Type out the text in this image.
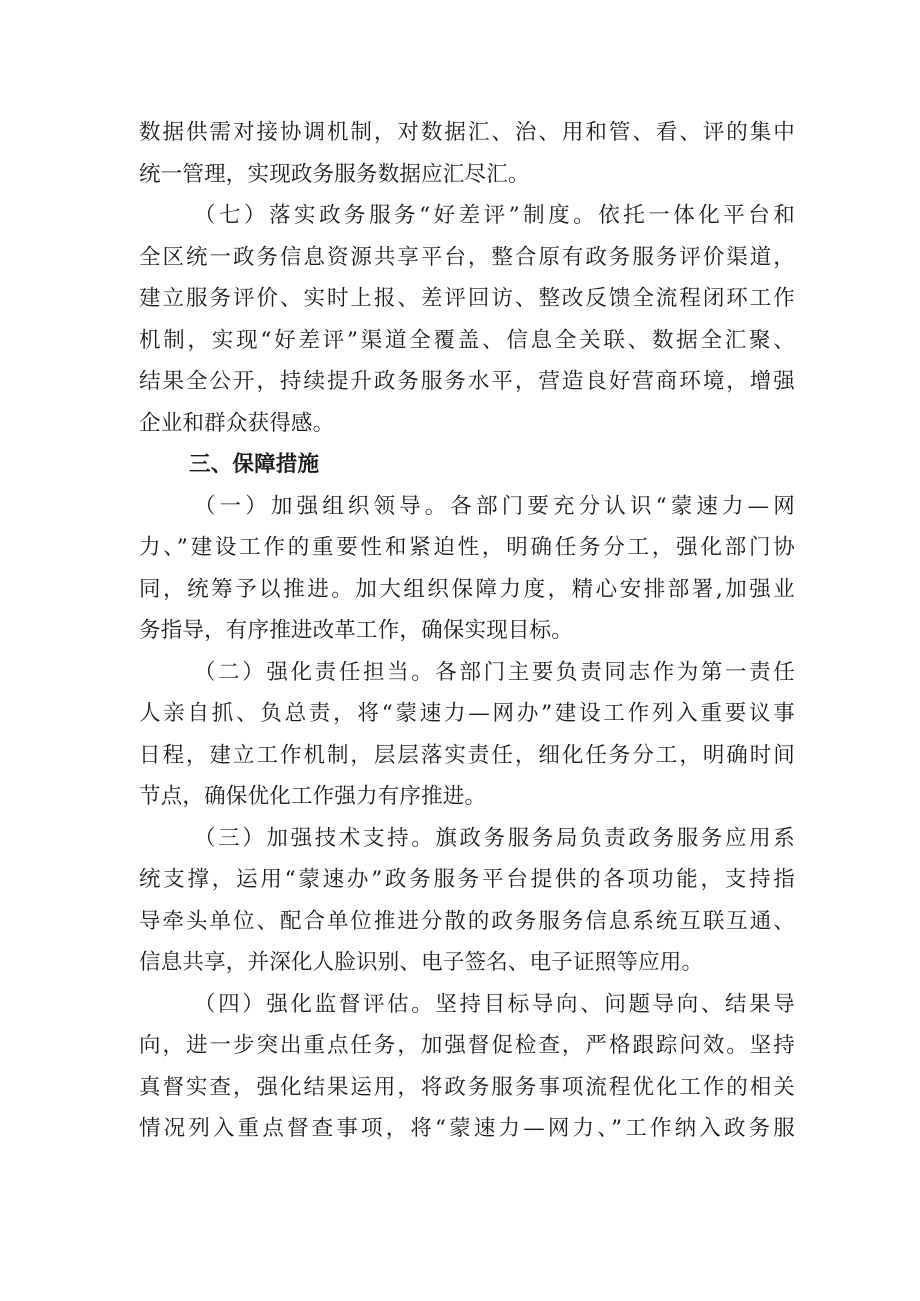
数据供需对接协调机制，对数据汇、治、用和管、看、评的集中
统一管理，实现政务服务数据应汇尽汇。
（七）落实政务服务“好差评”制度。依托一体化平台和
全区统一政务信息资源共享平台，整合原有政务服务评价渠道，
建立服务评价、实时上报、差评回访、整改反馈全流程闭环工作
机制，实现“好差评”渠道全覆盖、信息全关联、数据全汇聚、
结果全公开，持续提升政务服务水平，营造良好营商环境，增强
企业和群众获得感。
三、保障措施
（一）加强组织领导。各部门要充分认识“蒙速力—网
力、”建设工作的重要性和紧迫性，明确任务分工，强化部门协
同，统筹予以推进。加大组织保障力度，精心安排部署,加强业
务指导，有序推进改革工作，确保实现目标。
（二）强化责任担当。各部门主要负责同志作为第一责任
人亲自抓、负总责，将“蒙速力—网办”建设工作列入重要议事
日程，建立工作机制，层层落实责任，细化任务分工，明确时间
节点，确保优化工作强力有序推进。
（三）加强技术支持。旗政务服务局负责政务服务应用系
统支撑，运用“蒙速办”政务服务平台提供的各项功能，支持指
导牵头单位、配合单位推进分散的政务服务信息系统互联互通、
信息共享，并深化人脸识别、电子签名、电子证照等应用。
（四）强化监督评估。坚持目标导向、问题导向、结果导
向，进一步突出重点任务，加强督促检查，严格跟踪问效。坚持
真督实查，强化结果运用，将政务服务事项流程优化工作的相关
情况列入重点督查事项，将“蒙速力—网力、”工作纳入政务服
